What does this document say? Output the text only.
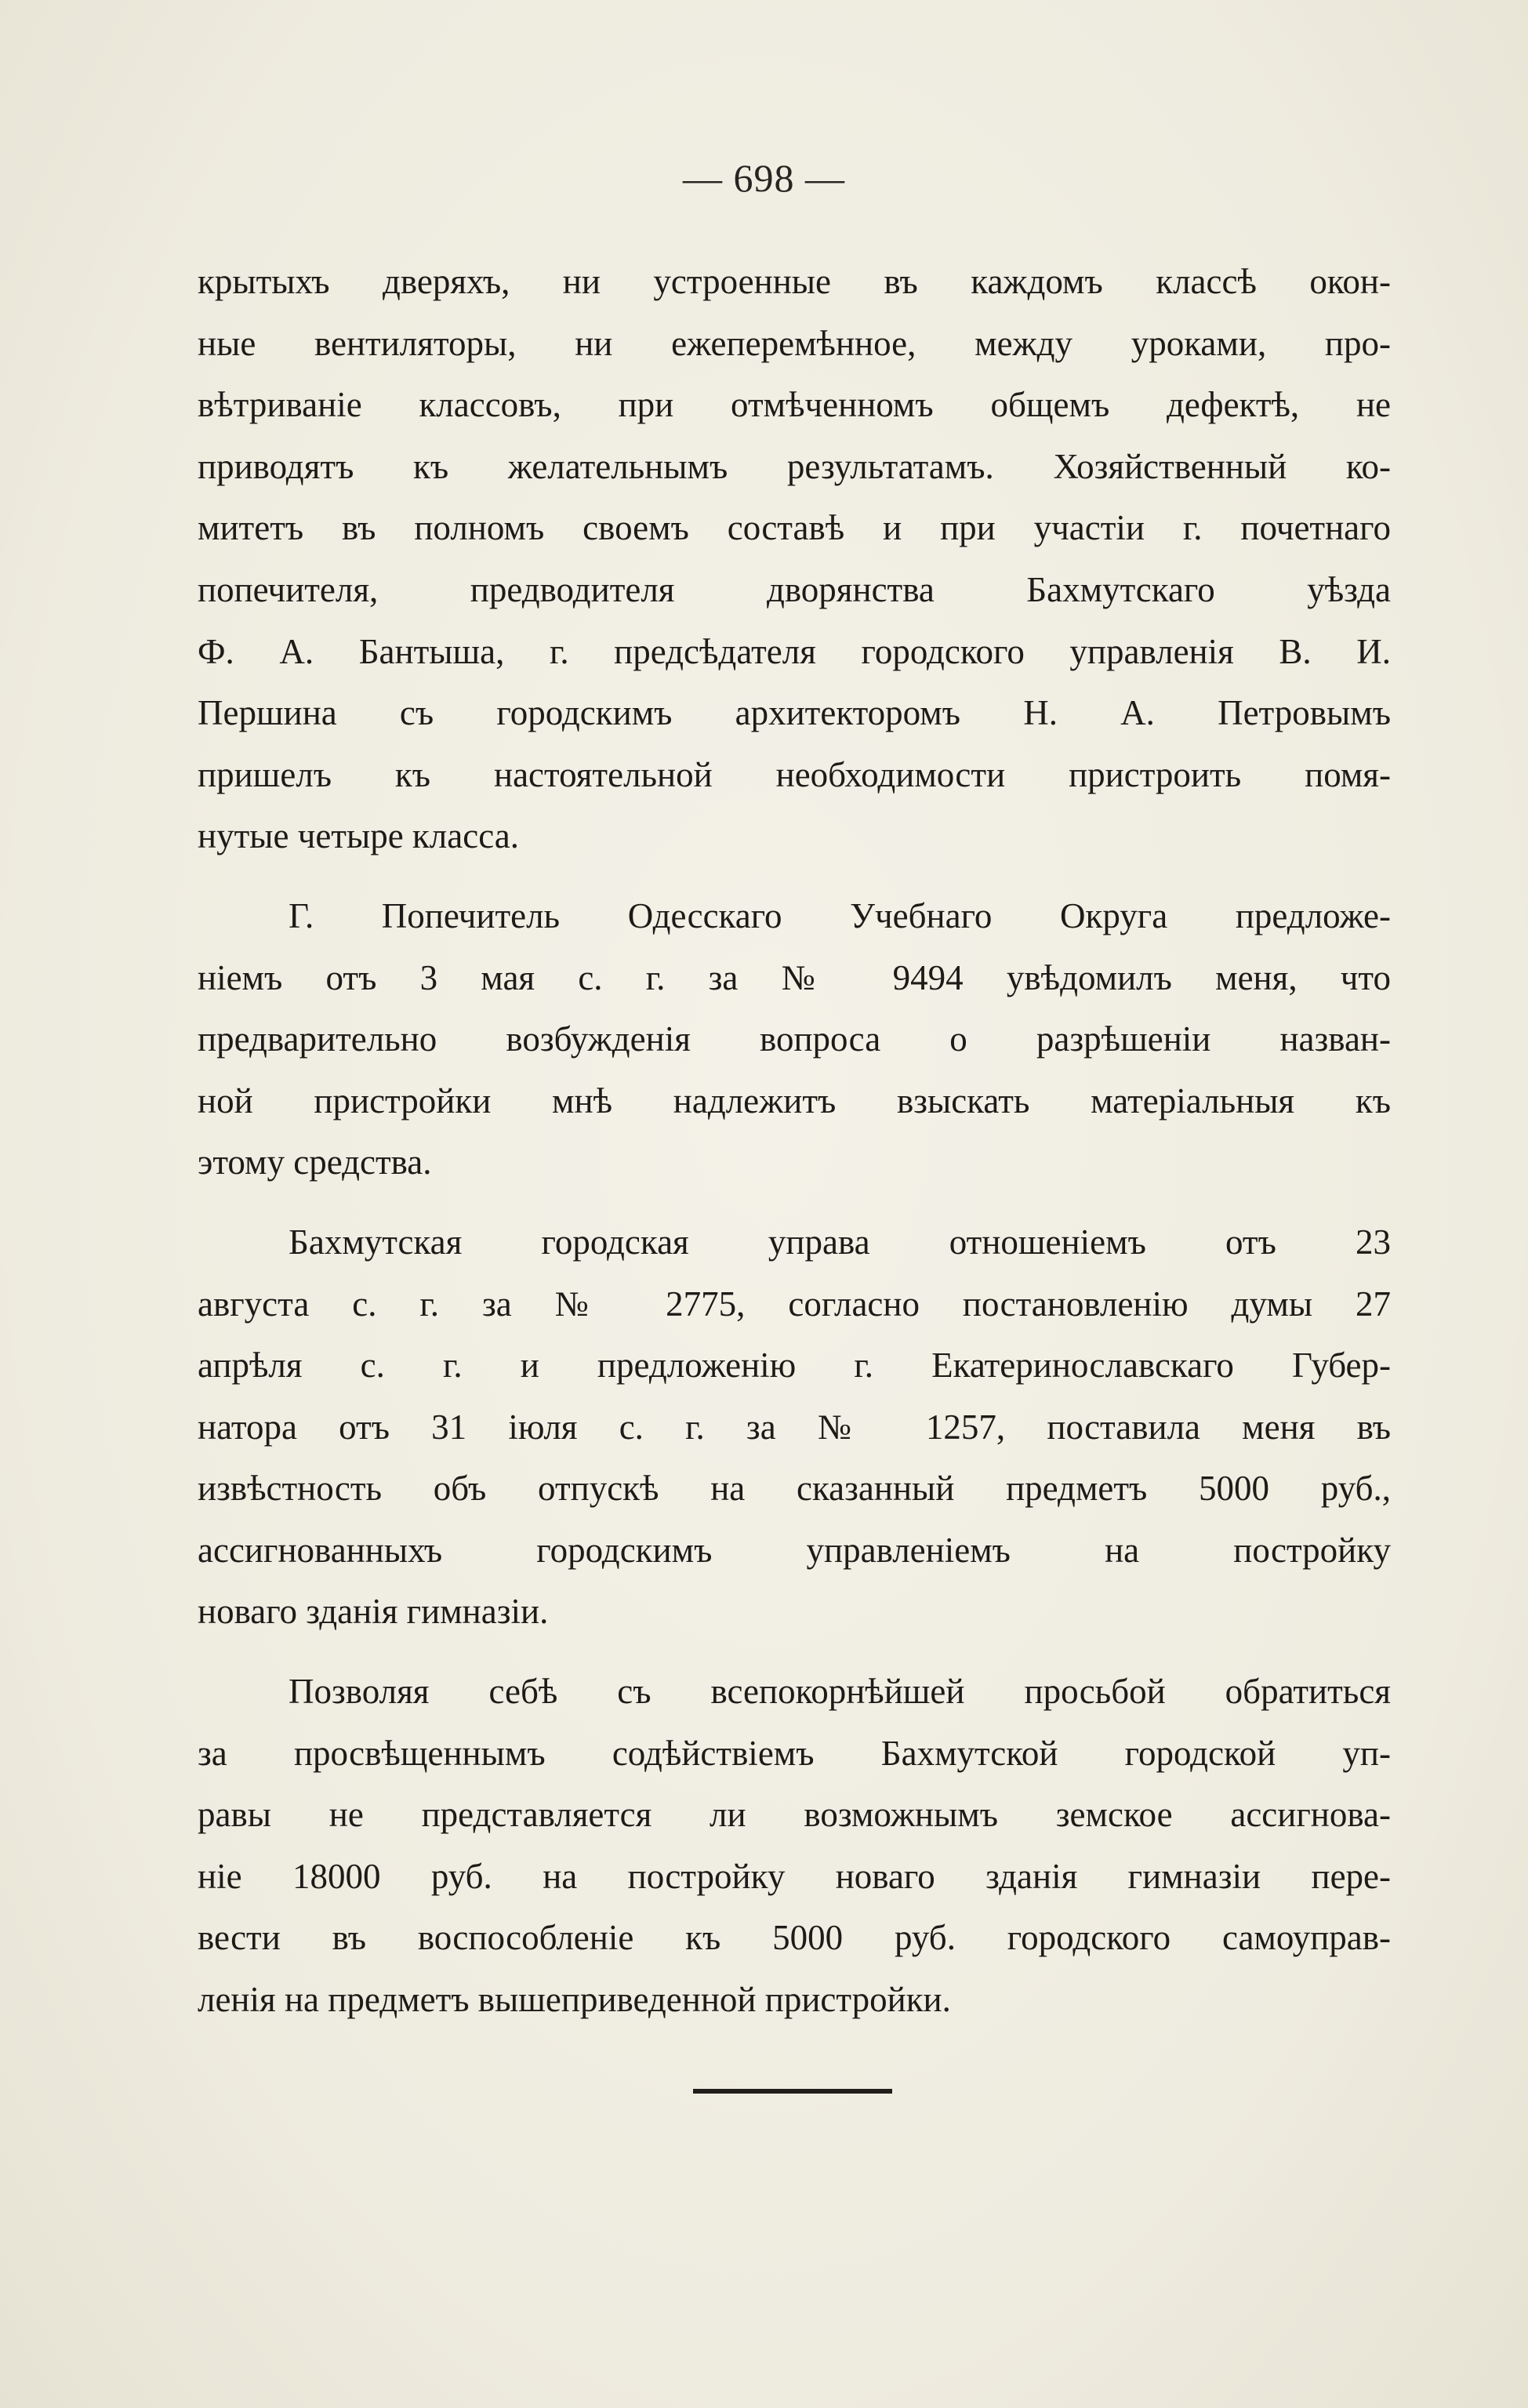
— 698 —
крытыхъ дверяхъ, ни устроенные въ каждомъ классѣ окон-
ные вентиляторы, ни ежеперемѣнное, между уроками, про-
вѣтриваніе классовъ, при отмѣченномъ общемъ дефектѣ, не
приводятъ къ желательнымъ результатамъ. Хозяйственный ко-
митетъ въ полномъ своемъ составѣ и при участіи г. почетнаго
попечителя, предводителя дворянства Бахмутскаго уѣзда
Ф. А. Бантыша, г. предсѣдателя городского управленія В. И.
Пepшина съ городскимъ архитекторомъ Н. А. Петровымъ
пришелъ къ настоятельной необходимости пристроить помя-
нутые четыре класса.
Г. Попечитель Одесскаго Учебнаго Округа предложе-
ніемъ отъ 3 мая с. г. за № 9494 увѣдомилъ меня, что
предварительно возбужденія вопроса о разрѣшеніи назван-
ной пристройки мнѣ надлежитъ взыскать матеріальныя къ
этому средства.
Бахмутская городская управа отношеніемъ отъ 23
августа с. г. за № 2775, согласно постановленію думы 27
апрѣля с. г. и предложенію г. Екатеринославскаго Губер-
натора отъ 31 іюля с. г. за № 1257, поставила меня въ
извѣстность объ отпускѣ на сказанный предметъ 5000 руб.,
ассигнованныхъ городскимъ управленіемъ на постройку
новаго зданія гимназіи.
Позволяя себѣ съ всепокорнѣйшей просьбой обратиться
за просвѣщеннымъ содѣйствіемъ Бахмутской городской уп-
равы не представляется ли возможнымъ земское ассигнова-
ніе 18000 руб. на постройку новаго зданія гимназіи пере-
вести въ воспособленіе къ 5000 руб. городского самоуправ-
ленія на предметъ вышеприведенной пристройки.
